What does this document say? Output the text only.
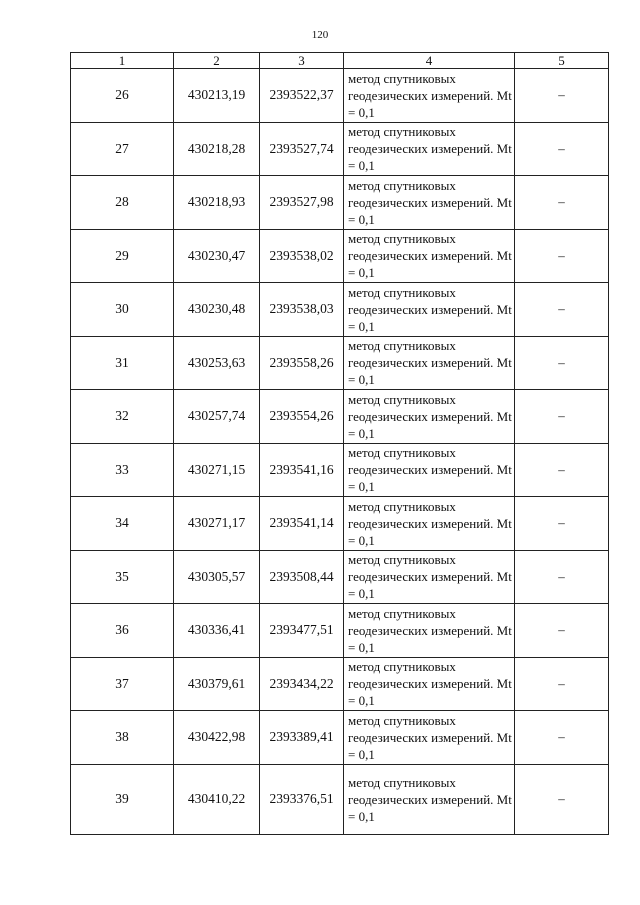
120
1	2	3	4	5
26	430213,19	2393522,37	метод спутниковых геодезических измерений. Mt = 0,1	–
27	430218,28	2393527,74	метод спутниковых геодезических измерений. Mt = 0,1	–
28	430218,93	2393527,98	метод спутниковых геодезических измерений. Mt = 0,1	–
29	430230,47	2393538,02	метод спутниковых геодезических измерений. Mt = 0,1	–
30	430230,48	2393538,03	метод спутниковых геодезических измерений. Mt = 0,1	–
31	430253,63	2393558,26	метод спутниковых геодезических измерений. Mt = 0,1	–
32	430257,74	2393554,26	метод спутниковых геодезических измерений. Mt = 0,1	–
33	430271,15	2393541,16	метод спутниковых геодезических измерений. Mt = 0,1	–
34	430271,17	2393541,14	метод спутниковых геодезических измерений. Mt = 0,1	–
35	430305,57	2393508,44	метод спутниковых геодезических измерений. Mt = 0,1	–
36	430336,41	2393477,51	метод спутниковых геодезических измерений. Mt = 0,1	–
37	430379,61	2393434,22	метод спутниковых геодезических измерений. Mt = 0,1	–
38	430422,98	2393389,41	метод спутниковых геодезических измерений. Mt = 0,1	–
39	430410,22	2393376,51	метод спутниковых геодезических измерений. Mt = 0,1	–
